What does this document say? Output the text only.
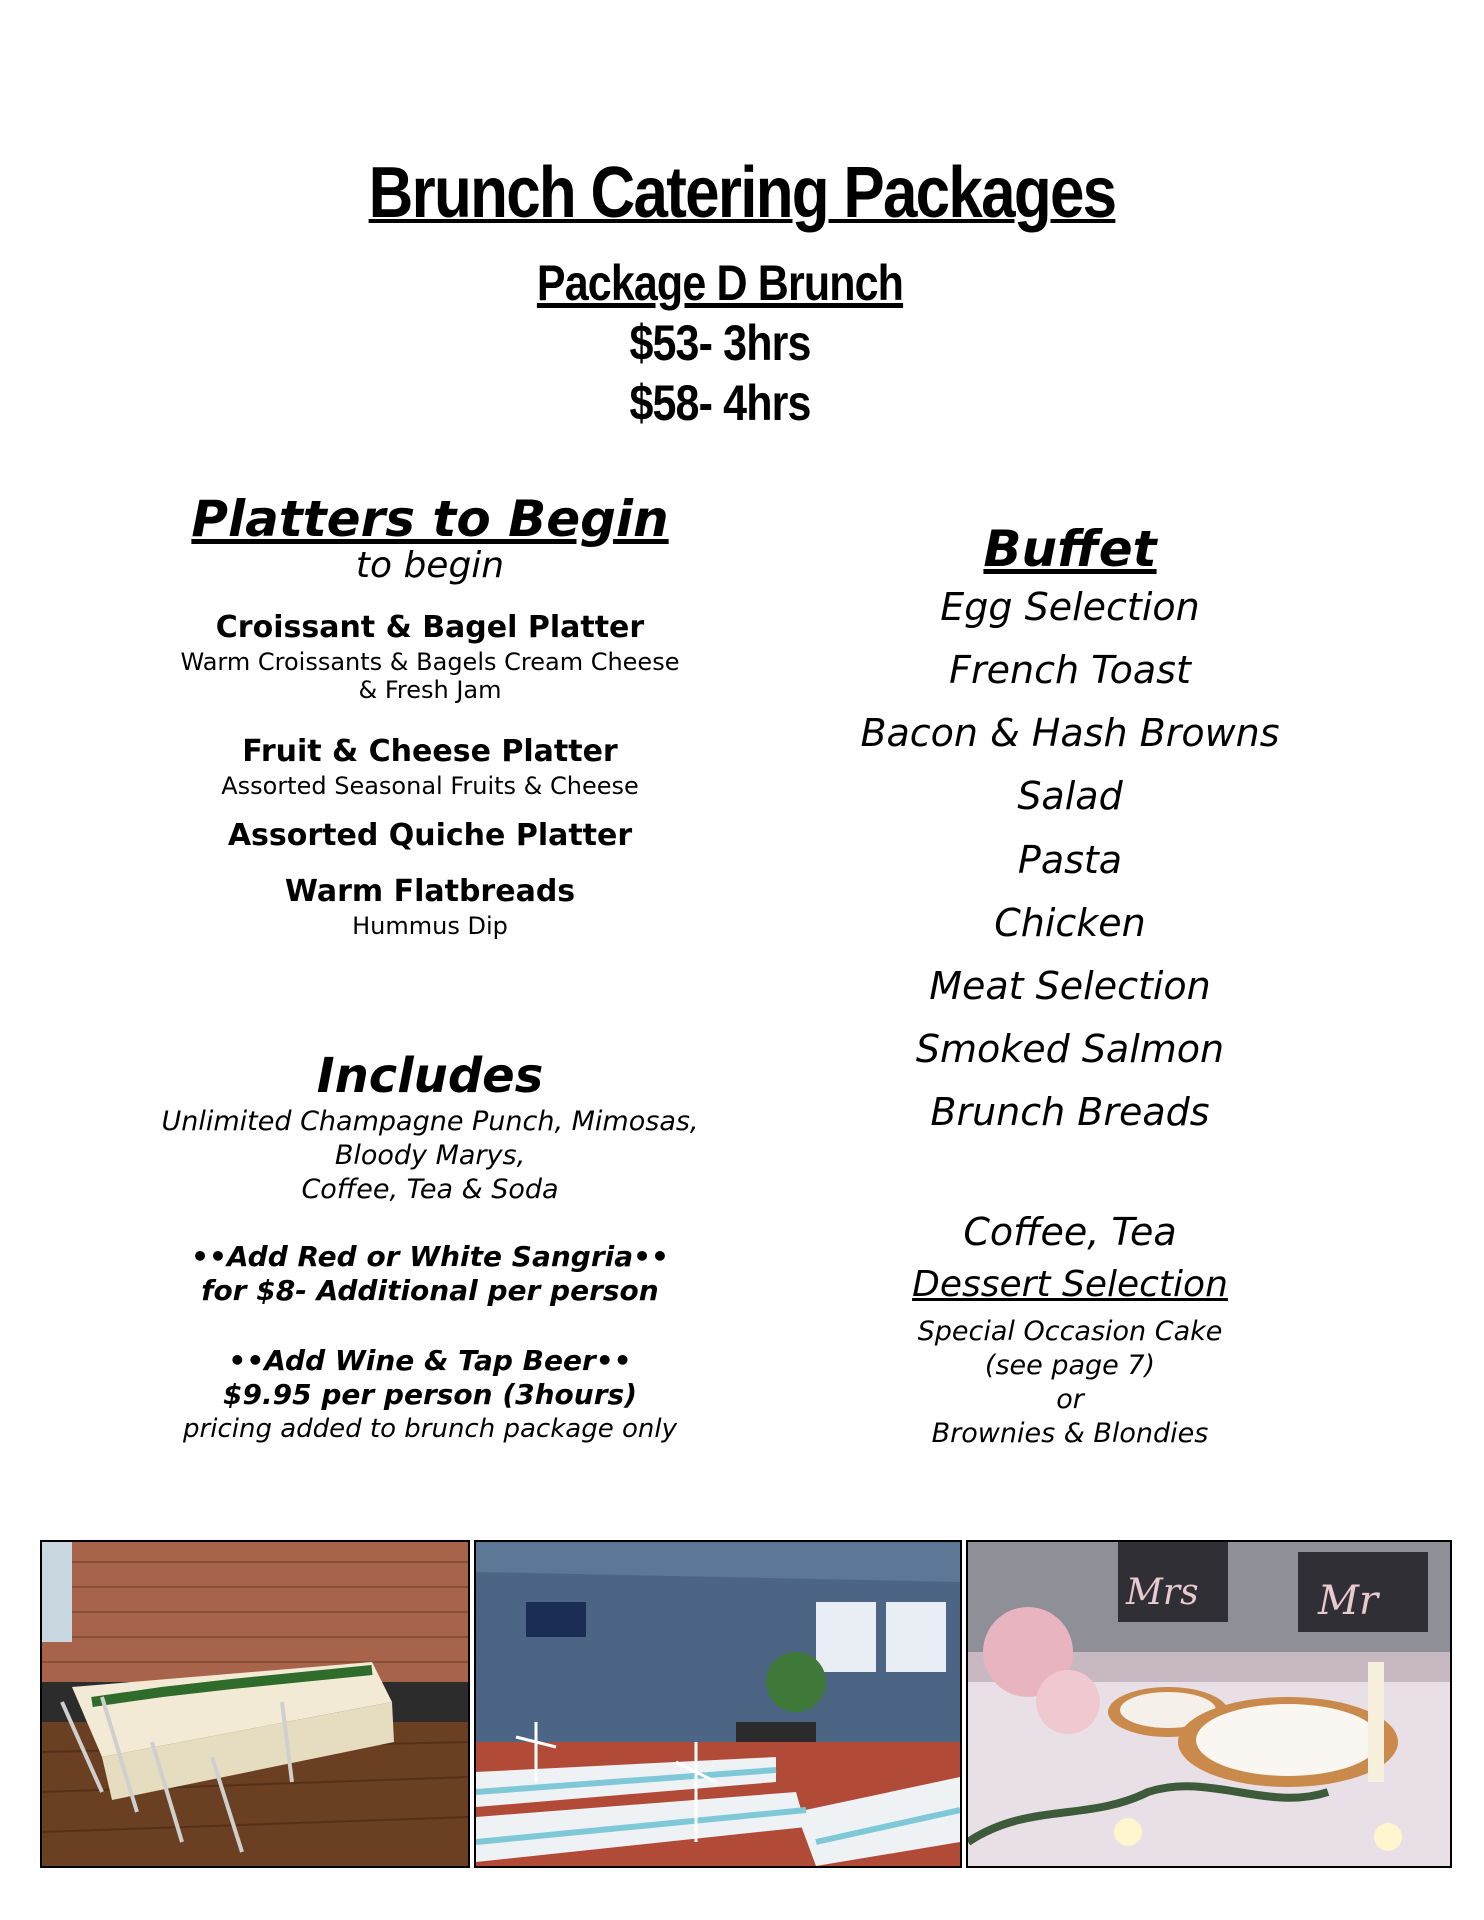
Brunch Catering Packages
Package D Brunch
$53- 3hrs
$58- 4hrs
Platters to Begin
to begin
Croissant & Bagel Platter
Warm Croissants & Bagels Cream Cheese
& Fresh Jam
Fruit & Cheese Platter
Assorted Seasonal Fruits & Cheese
Assorted Quiche Platter
Warm Flatbreads
Hummus Dip
Includes
Unlimited Champagne Punch, Mimosas,
Bloody Marys,
Coffee, Tea & Soda
••Add Red or White Sangria••
for $8- Additional per person
••Add Wine & Tap Beer••
$9.95 per person (3hours)
pricing added to brunch package only
Buffet
Egg Selection
French Toast
Bacon & Hash Browns
Salad
Pasta
Chicken
Meat Selection
Smoked Salmon
Brunch Breads
Coffee, Tea
Dessert Selection
Special Occasion Cake
(see page 7)
or
Brownies & Blondies
Mrs	Mr
